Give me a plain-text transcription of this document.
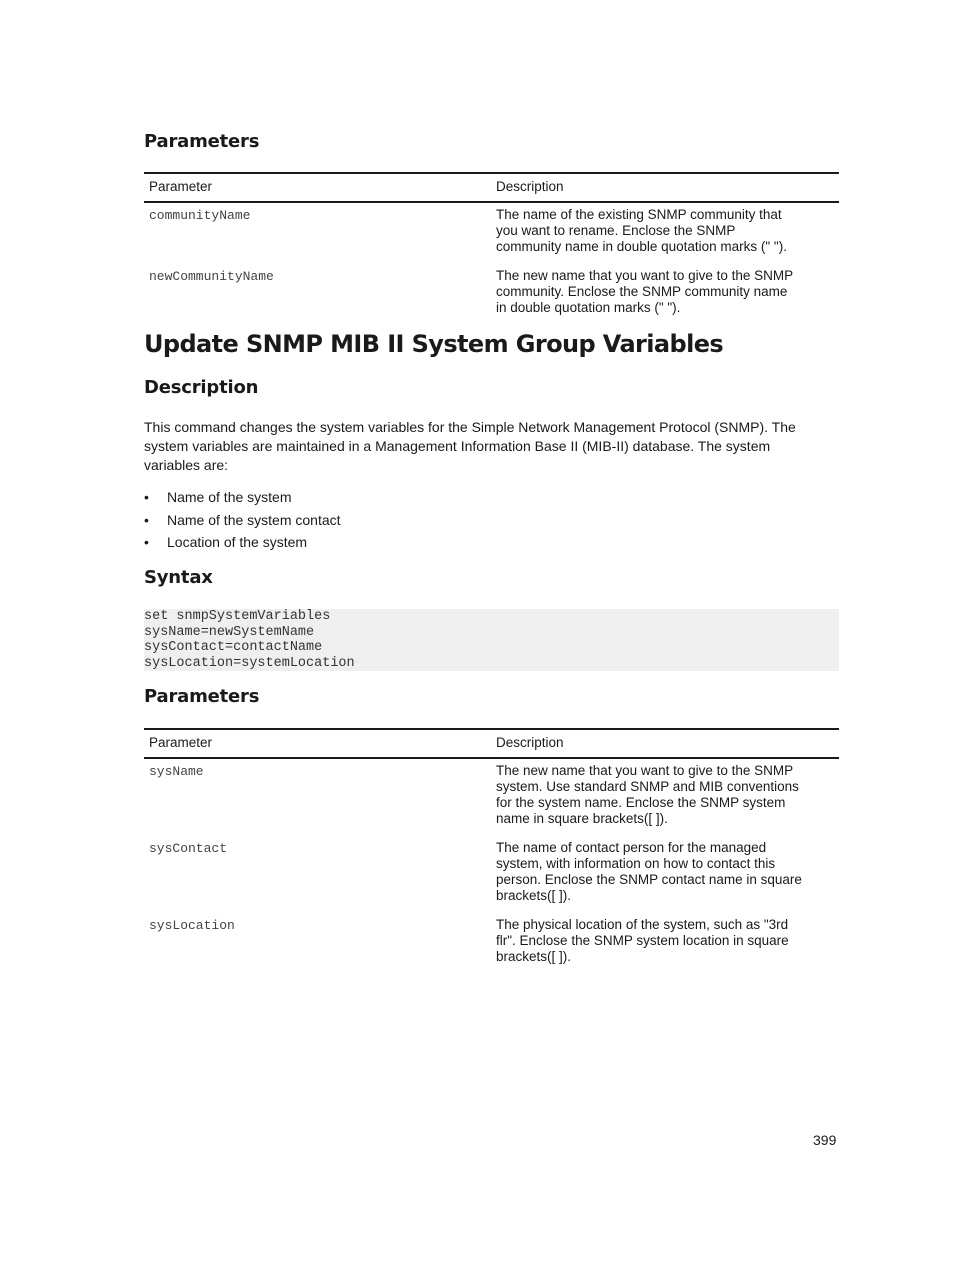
Parameters
Parameter	Description
communityName	The name of the existing SNMP community that
you want to rename. Enclose the SNMP
community name in double quotation marks (" ").

newCommunityName	The new name that you want to give to the SNMP
community. Enclose the SNMP community name
in double quotation marks (" ").
Update SNMP MIB II System Group Variables
Description

This command changes the system variables for the Simple Network Management Protocol (SNMP). The
system variables are maintained in a Management Information Base II (MIB-II) database. The system
variables are:

• Name of the system
• Name of the system contact
• Location of the system
Syntax
set snmpSystemVariables
sysName=newSystemName
sysContact=contactName
sysLocation=systemLocation
Parameters
Parameter	Description
sysName	The new name that you want to give to the SNMP
system. Use standard SNMP and MIB conventions
for the system name. Enclose the SNMP system
name in square brackets([ ]).

sysContact	The name of contact person for the managed
system, with information on how to contact this
person. Enclose the SNMP contact name in square
brackets([ ]).

sysLocation	The physical location of the system, such as "3rd
flr". Enclose the SNMP system location in square
brackets([ ]).
399
